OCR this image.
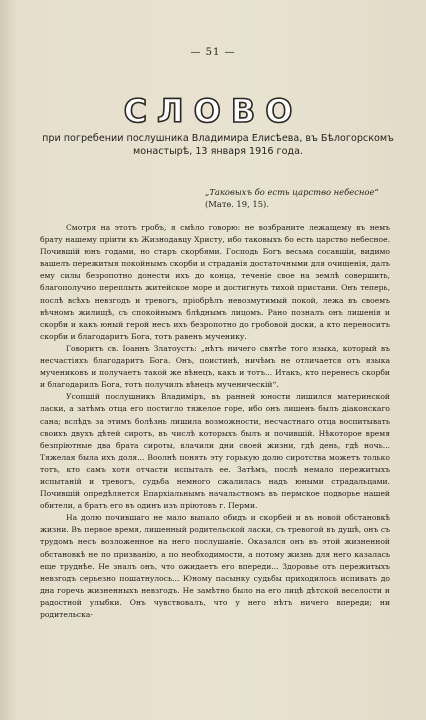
— 51 —
СЛОВО
при погребении послушника Владимира Елисѣева, въ Бѣлогорскомъ монастырѣ, 13 января 1916 года.
„Таковыхъ бо есть царство небесное“ (Матѳ. 19, 15).

Смотря на этотъ гробъ, я смѣло говорю: не возбраните лежащему въ немъ брату нашему пріити къ Жизнодавцу Христу, ибо таковыхъ бо есть царство небесное. Почившій юнъ годами, но старъ скорбями. Господь Богъ весьма сосавшіи, видимо вашелъ пережитыя покойнымъ скорби и страданія достаточными для очищенія, далъ ему силы безропотно донести ихъ до конца, теченіе свое на землѣ совершить, благополучно переплыть житейское море и достигнуть тихой пристани. Онъ теперь, послѣ всѣхъ невзгодъ и тревогъ, пріобрѣлъ невозмутимый покой, лежа въ своемъ вѣчномъ жилищѣ, съ спокойнымъ блѣднымъ лицомъ. Рано позналъ онъ лишенія и скорби и какъ юный герой несъ ихъ безропотно до гробовой доски, а кто переноситъ скорби и благодаритъ Бога, тотъ равенъ мученику.

Говоритъ св. Іоаннъ Златоустъ: „нѣтъ ничего святѣе того языка, который въ несчастіяхъ благодаритъ Бога. Онъ, поистинѣ, ничѣмъ не отличается отъ языка мучениковъ и получаетъ такой же вѣнецъ, какъ и тотъ... Итакъ, кто перенесъ скорби и благодарилъ Бога, тотъ получилъ вѣнецъ мученическій“.

Усопшій послушникъ Владиміръ, въ ранней юности лишился материнской ласки, а затѣмъ отца его постигло тяжелое горе, ибо онъ лишенъ былъ діаконскаго сана; вслѣдъ за этимъ болѣзнь лишила возможности, несчастнаго отца воспитывать своихъ двухъ дѣтей сиротъ, въ числѣ которыхъ былъ и почившій. Нѣкоторое время безпріютные два брата сироты, влачили дни своей жизни, гдѣ день, гдѣ ночь... Тяжелая была ихъ доля... Воолнѣ понять эту горькую долю сиротства можетъ только тотъ, кто самъ хотя отчасти испыталъ ее. Затѣмъ, послѣ немало пережитыхъ испытаній и тревогъ, судьба немного сжалилась надъ юными страдальцами. Почившій опредѣляется Епархіальнымъ начальствомъ въ пермское подворье нашей обители, а братъ его въ одинъ изъ пріютовъ г. Перми.

На долю почившаго не мало выпало обидъ и скорбей и въ новой обстановкѣ жизни. Въ первое время, лишенный родительской ласки, съ тревогой въ душѣ, онъ съ трудомъ несъ возложенное на него послушаніе. Оказался онъ въ этой жизненной обстановкѣ не по призванію, а по необходимости, а потому жизнь для него казалась еще труднѣе. Не зналъ онъ, что ожидаетъ его впереди... Здоровье отъ пережитыхъ невзгодъ серьезно пошатнулось... Юному пасынку судьбы приходилось испивать до дна горечь жизненныхъ невзгодъ. Не замѣтно было на его лицѣ дѣтской веселости и радостной улыбки. Онъ чувствовалъ, что у него нѣтъ ничего впереди; ни родительска-
